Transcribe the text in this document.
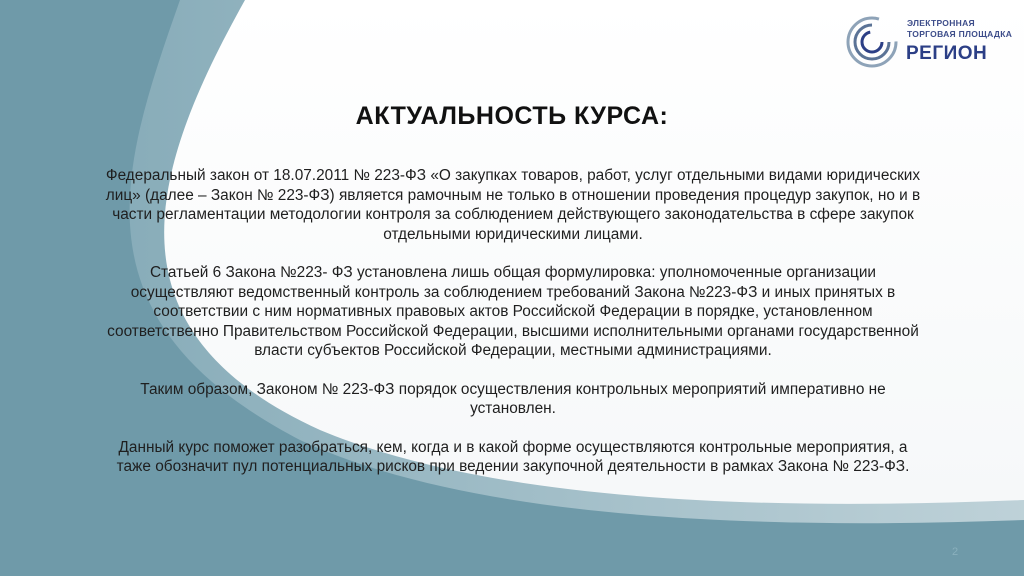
ЭЛЕКТРОННАЯ
ТОРГОВАЯ ПЛОЩАДКА
РЕГИОН
АКТУАЛЬНОСТЬ КУРСА:

Федеральный закон от 18.07.2011 № 223-ФЗ «О закупках товаров, работ, услуг отдельными видами юридических лиц» (далее – Закон № 223-ФЗ) является рамочным не только в отношении проведения процедур закупок, но и в части регламентации методологии контроля за соблюдением действующего законодательства в сфере закупок отдельными юридическими лицами.

Статьей 6 Закона №223- ФЗ установлена лишь общая формулировка: уполномоченные организации осуществляют ведомственный контроль за соблюдением требований Закона №223-ФЗ и иных принятых в соответствии с ним нормативных правовых актов Российской Федерации в порядке, установленном соответственно Правительством Российской Федерации, высшими исполнительными органами государственной власти субъектов Российской Федерации, местными администрациями.

Таким образом, Законом № 223-ФЗ порядок осуществления контрольных мероприятий императивно не установлен.

Данный курс поможет разобраться, кем, когда и в какой форме осуществляются контрольные мероприятия, а таже обозначит пул потенциальных рисков при ведении закупочной деятельности в рамках Закона № 223-ФЗ.

2
